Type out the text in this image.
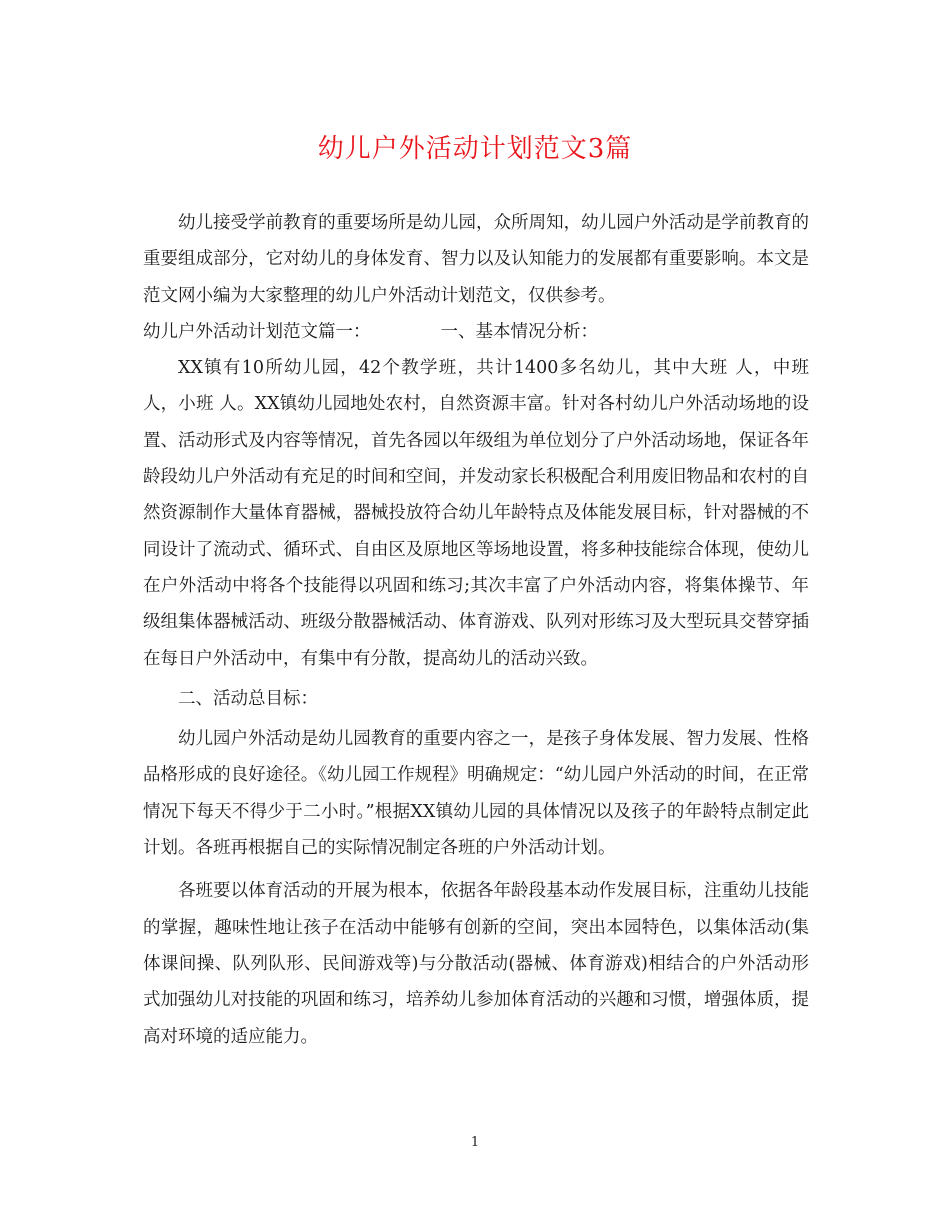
幼儿户外活动计划范文3篇

幼儿接受学前教育的重要场所是幼儿园，众所周知，幼儿园户外活动是学前教育的重要组成部分，它对幼儿的身体发育、智力以及认知能力的发展都有重要影响。本文是范文网小编为大家整理的幼儿户外活动计划范文，仅供参考。

幼儿户外活动计划范文篇一：	一、基本情况分析：

XX镇有10所幼儿园，42个教学班，共计1400多名幼儿，其中大班 人，中班 人，小班 人。XX镇幼儿园地处农村，自然资源丰富。针对各村幼儿户外活动场地的设置、活动形式及内容等情况，首先各园以年级组为单位划分了户外活动场地，保证各年龄段幼儿户外活动有充足的时间和空间，并发动家长积极配合利用废旧物品和农村的自然资源制作大量体育器械，器械投放符合幼儿年龄特点及体能发展目标，针对器械的不同设计了流动式、循环式、自由区及原地区等场地设置，将多种技能综合体现，使幼儿在户外活动中将各个技能得以巩固和练习;其次丰富了户外活动内容，将集体操节、年级组集体器械活动、班级分散器械活动、体育游戏、队列对形练习及大型玩具交替穿插在每日户外活动中，有集中有分散，提高幼儿的活动兴致。

二、活动总目标：

幼儿园户外活动是幼儿园教育的重要内容之一，是孩子身体发展、智力发展、性格品格形成的良好途径。《幼儿园工作规程》明确规定：“幼儿园户外活动的时间，在正常情况下每天不得少于二小时。”根据XX镇幼儿园的具体情况以及孩子的年龄特点制定此计划。各班再根据自己的实际情况制定各班的户外活动计划。

各班要以体育活动的开展为根本，依据各年龄段基本动作发展目标，注重幼儿技能的掌握，趣味性地让孩子在活动中能够有创新的空间，突出本园特色，以集体活动(集体课间操、队列队形、民间游戏等)与分散活动(器械、体育游戏)相结合的户外活动形式加强幼儿对技能的巩固和练习，培养幼儿参加体育活动的兴趣和习惯，增强体质，提高对环境的适应能力。

1
